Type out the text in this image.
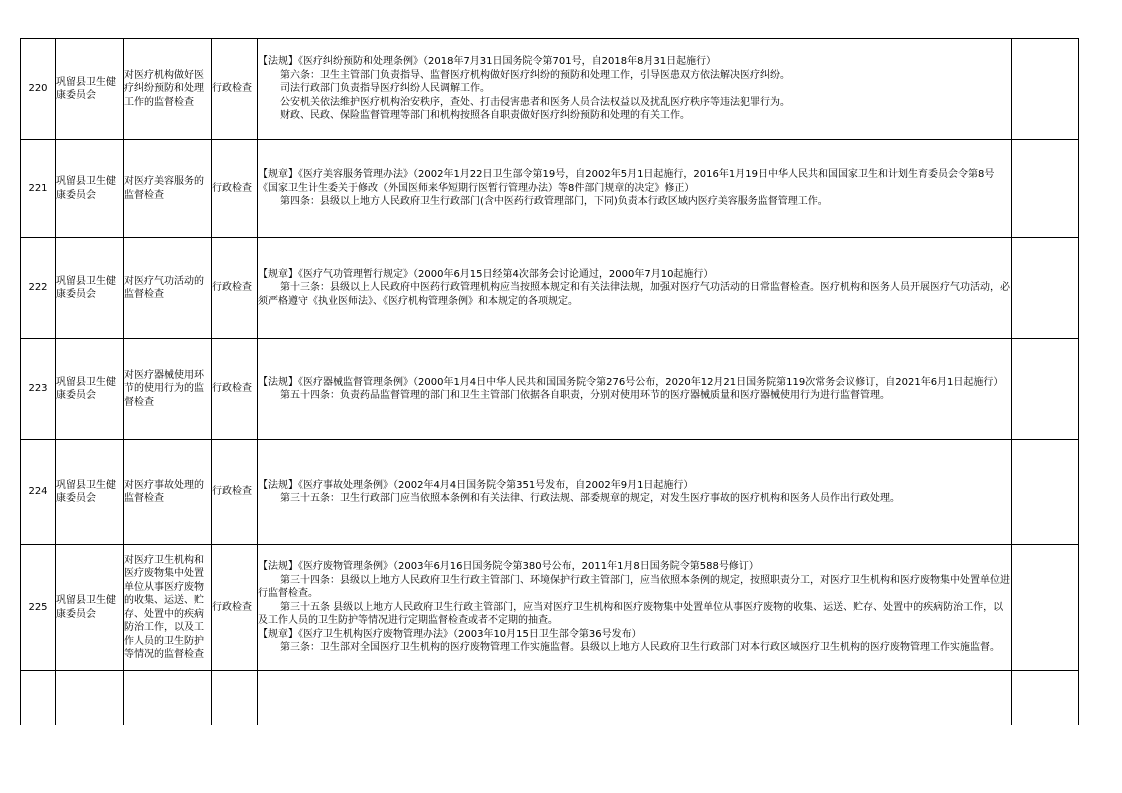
220	巩留县卫生健康委员会	对医疗机构做好医疗纠纷预防和处理工作的监督检查	行政检查	【法规】《医疗纠纷预防和处理条例》（2018年7月31日国务院令第701号，自2018年8月31日起施行）

第六条：卫生主管部门负责指导、监督医疗机构做好医疗纠纷的预防和处理工作，引导医患双方依法解决医疗纠纷。

司法行政部门负责指导医疗纠纷人民调解工作。

公安机关依法维护医疗机构治安秩序，查处、打击侵害患者和医务人员合法权益以及扰乱医疗秩序等违法犯罪行为。

财政、民政、保险监督管理等部门和机构按照各自职责做好医疗纠纷预防和处理的有关工作。	

221	巩留县卫生健康委员会	对医疗美容服务的监督检查	行政检查	【规章】《医疗美容服务管理办法》（2002年1月22日卫生部令第19号，自2002年5月1日起施行，2016年1月19日中华人民共和国国家卫生和计划生育委员会令第8号《国家卫生计生委关于修改（外国医师来华短期行医暂行管理办法）等8件部门规章的决定》修正）

第四条：县级以上地方人民政府卫生行政部门(含中医药行政管理部门，下同)负责本行政区域内医疗美容服务监督管理工作。	

222	巩留县卫生健康委员会	对医疗气功活动的监督检查	行政检查	【规章】《医疗气功管理暂行规定》（2000年6月15日经第4次部务会讨论通过，2000年7月10起施行）

第十三条：县级以上人民政府中医药行政管理机构应当按照本规定和有关法律法规，加强对医疗气功活动的日常监督检查。医疗机构和医务人员开展医疗气功活动，必须严格遵守《执业医师法》、《医疗机构管理条例》和本规定的各项规定。	

223	巩留县卫生健康委员会	对医疗器械使用环节的使用行为的监督检查	行政检查	【法规】《医疗器械监督管理条例》（2000年1月4日中华人民共和国国务院令第276号公布，2020年12月21日国务院第119次常务会议修订，自2021年6月1日起施行）

第五十四条：负责药品监督管理的部门和卫生主管部门依据各自职责，分别对使用环节的医疗器械质量和医疗器械使用行为进行监督管理。	

224	巩留县卫生健康委员会	对医疗事故处理的监督检查	行政检查	【法规】《医疗事故处理条例》（2002年4月4日国务院令第351号发布，自2002年9月1日起施行）

第三十五条：卫生行政部门应当依照本条例和有关法律、行政法规、部委规章的规定，对发生医疗事故的医疗机构和医务人员作出行政处理。	

225	巩留县卫生健康委员会	对医疗卫生机构和医疗废物集中处置单位从事医疗废物的收集、运送、贮存、处置中的疾病防治工作，以及工作人员的卫生防护等情况的监督检查	行政检查	【法规】《医疗废物管理条例》（2003年6月16日国务院令第380号公布，2011年1月8日国务院令第588号修订）

第三十四条：县级以上地方人民政府卫生行政主管部门、环境保护行政主管部门，应当依照本条例的规定，按照职责分工，对医疗卫生机构和医疗废物集中处置单位进行监督检查。

第三十五条 县级以上地方人民政府卫生行政主管部门，应当对医疗卫生机构和医疗废物集中处置单位从事医疗废物的收集、运送、贮存、处置中的疾病防治工作，以及工作人员的卫生防护等情况进行定期监督检查或者不定期的抽查。

【规章】《医疗卫生机构医疗废物管理办法》（2003年10月15日卫生部令第36号发布）

第三条：卫生部对全国医疗卫生机构的医疗废物管理工作实施监督。县级以上地方人民政府卫生行政部门对本行政区域医疗卫生机构的医疗废物管理工作实施监督。	
